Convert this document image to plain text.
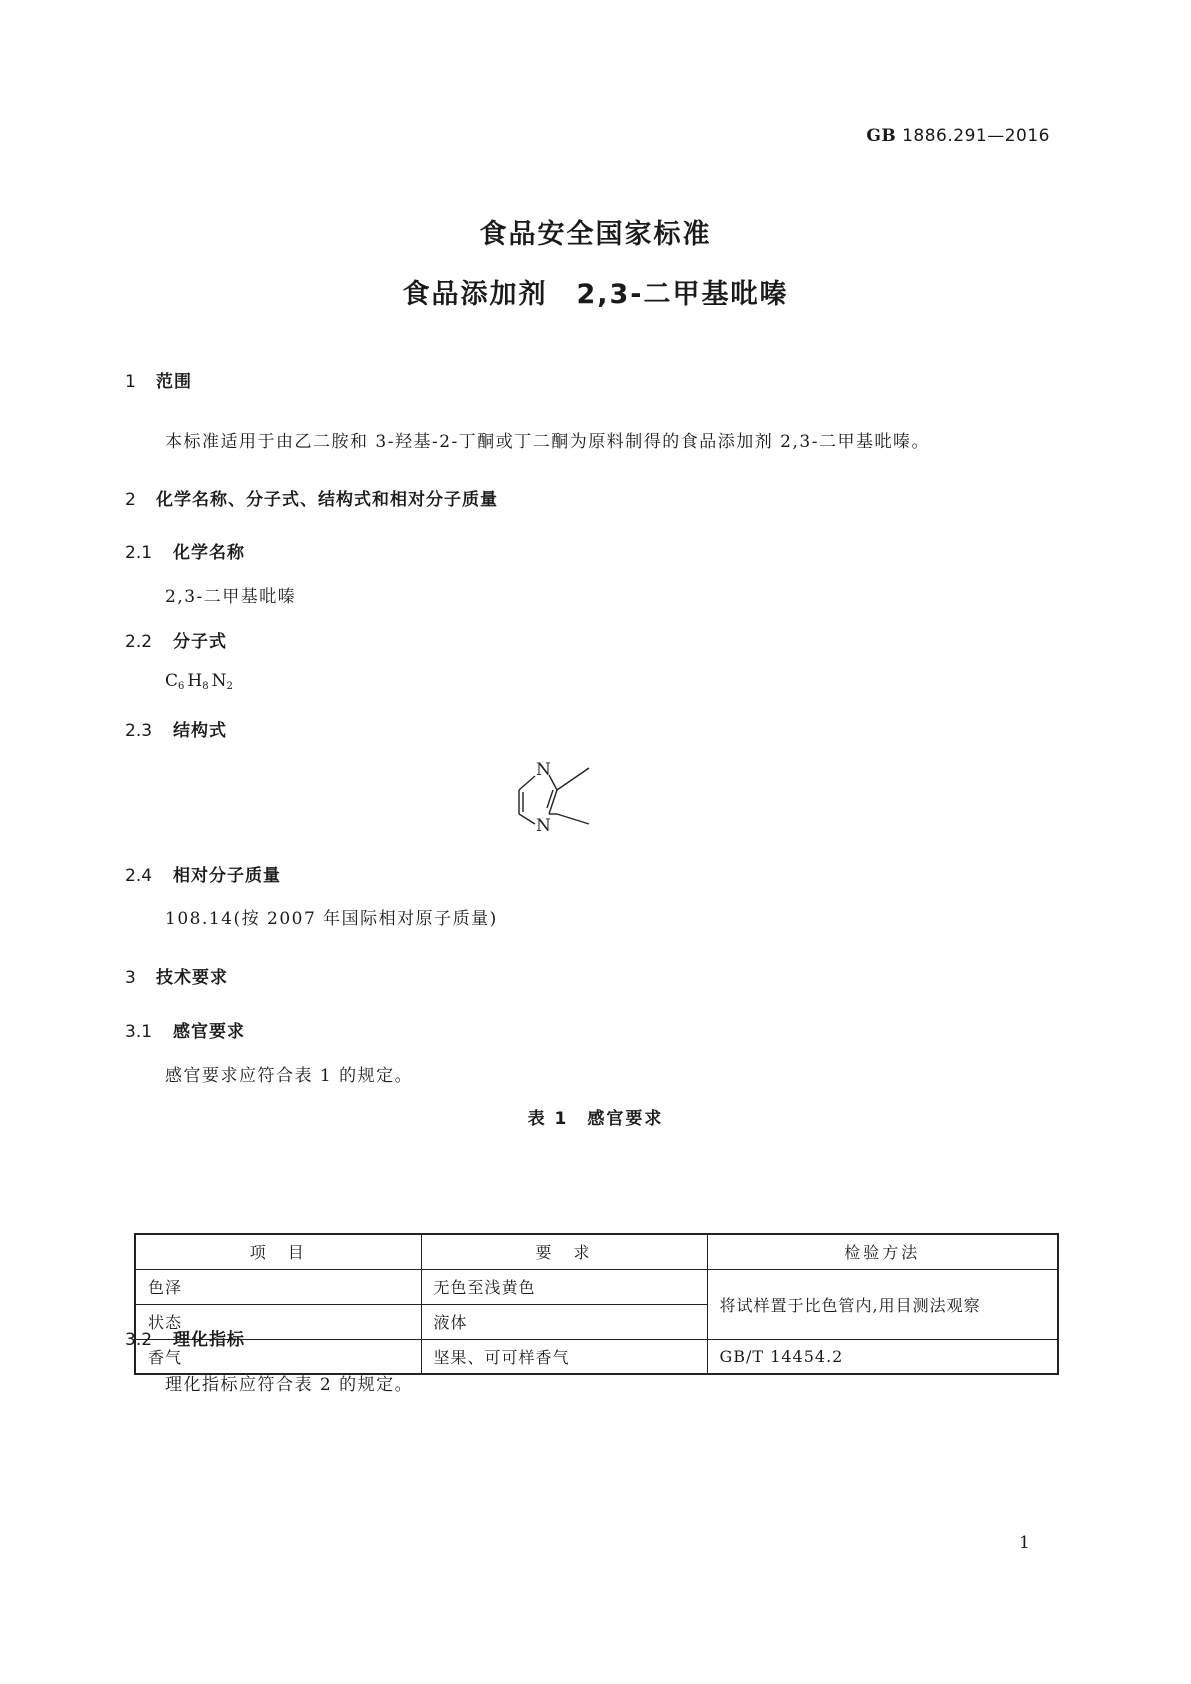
GB 1886.291—2016
食品安全国家标准
食品添加剂　2,3-二甲基吡嗪
1 范围
本标准适用于由乙二胺和 3-羟基-2-丁酮或丁二酮为原料制得的食品添加剂 2,3-二甲基吡嗪。
2 化学名称、分子式、结构式和相对分子质量
2.1 化学名称
2,3-二甲基吡嗪
2.2 分子式
$C_6$ $H_8$ $N_2$
2.3 结构式
N
N
2.4 相对分子质量
108.14(按 2007 年国际相对原子质量)
3 技术要求
3.1 感官要求
感官要求应符合表 1 的规定。
表 1　感官要求
项　目	要　求	检验方法
色泽	无色至浅黄色	将试样置于比色管内,用目测法观察
状态	液体	
香气	坚果、可可样香气	GB/T 14454.2
3.2 理化指标
理化指标应符合表 2 的规定。
1
